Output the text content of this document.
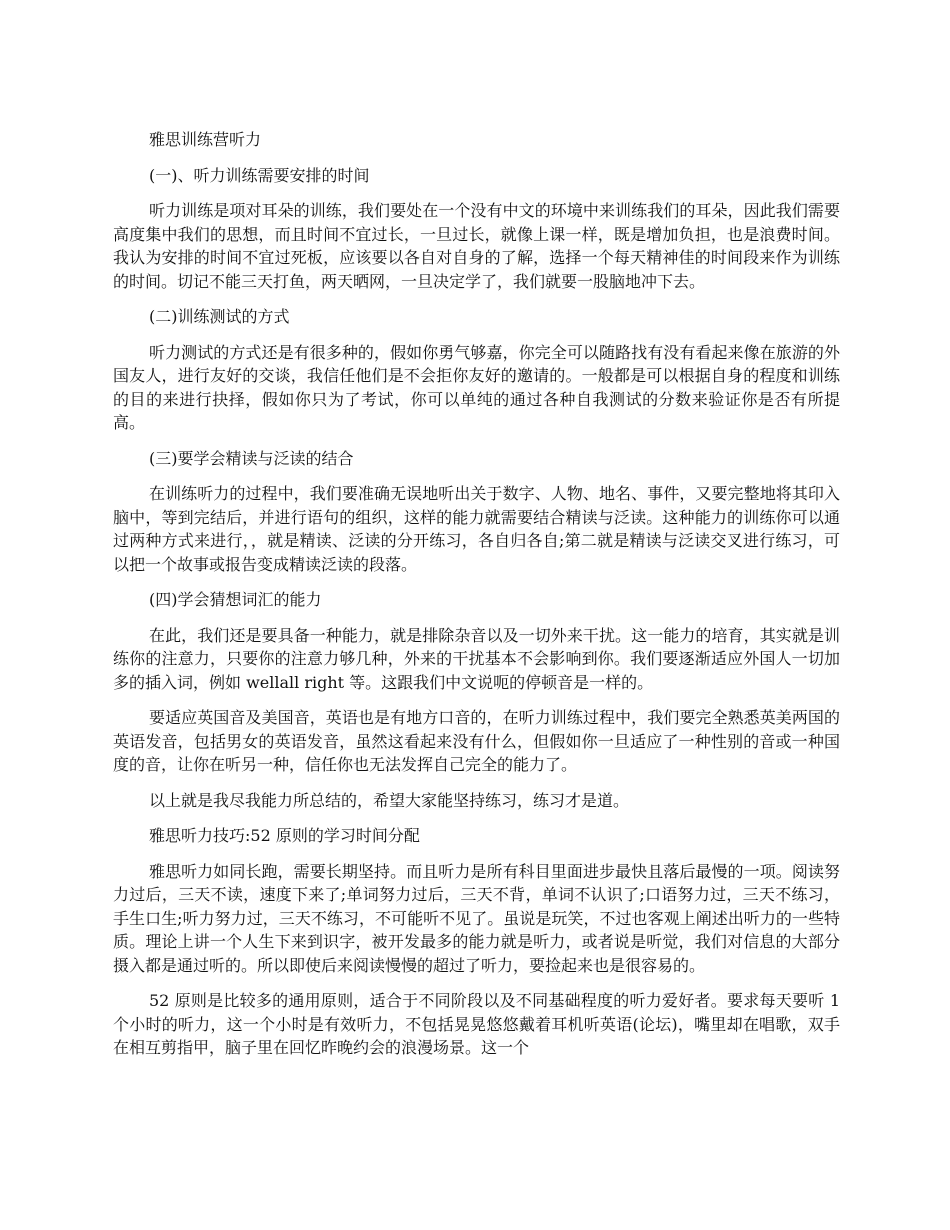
雅思训练营听力

(一)、听力训练需要安排的时间

听力训练是项对耳朵的训练，我们要处在一个没有中文的环境中来训练我们的耳朵，因此我们需要高度集中我们的思想，而且时间不宜过长，一旦过长，就像上课一样，既是增加负担，也是浪费时间。我认为安排的时间不宜过死板，应该要以各自对自身的了解，选择一个每天精神佳的时间段来作为训练的时间。切记不能三天打鱼，两天晒网，一旦决定学了，我们就要一股脑地冲下去。

(二)训练测试的方式

听力测试的方式还是有很多种的，假如你勇气够嘉，你完全可以随路找有没有看起来像在旅游的外国友人，进行友好的交谈，我信任他们是不会拒你友好的邀请的。一般都是可以根据自身的程度和训练的目的来进行抉择，假如你只为了考试，你可以单纯的通过各种自我测试的分数来验证你是否有所提高。

(三)要学会精读与泛读的结合

在训练听力的过程中，我们要准确无误地听出关于数字、人物、地名、事件，又要完整地将其印入脑中，等到完结后，并进行语句的组织，这样的能力就需要结合精读与泛读。这种能力的训练你可以通过两种方式来进行，，就是精读、泛读的分开练习，各自归各自;第二就是精读与泛读交叉进行练习，可以把一个故事或报告变成精读泛读的段落。

(四)学会猜想词汇的能力

在此，我们还是要具备一种能力，就是排除杂音以及一切外来干扰。这一能力的培育，其实就是训练你的注意力，只要你的注意力够几种，外来的干扰基本不会影响到你。我们要逐渐适应外国人一切加多的插入词，例如 wellall right 等。这跟我们中文说呃的停顿音是一样的。

要适应英国音及美国音，英语也是有地方口音的，在听力训练过程中，我们要完全熟悉英美两国的英语发音，包括男女的英语发音，虽然这看起来没有什么，但假如你一旦适应了一种性别的音或一种国度的音，让你在听另一种，信任你也无法发挥自己完全的能力了。

以上就是我尽我能力所总结的，希望大家能坚持练习，练习才是道。

雅思听力技巧:52 原则的学习时间分配

雅思听力如同长跑，需要长期坚持。而且听力是所有科目里面进步最快且落后最慢的一项。阅读努力过后，三天不读，速度下来了;单词努力过后，三天不背，单词不认识了;口语努力过，三天不练习，手生口生;听力努力过，三天不练习，不可能听不见了。虽说是玩笑，不过也客观上阐述出听力的一些特质。理论上讲一个人生下来到识字，被开发最多的能力就是听力，或者说是听觉，我们对信息的大部分摄入都是通过听的。所以即使后来阅读慢慢的超过了听力，要捡起来也是很容易的。

52 原则是比较多的通用原则，适合于不同阶段以及不同基础程度的听力爱好者。要求每天要听 1 个小时的听力，这一个小时是有效听力，不包括晃晃悠悠戴着耳机听英语(论坛)，嘴里却在唱歌，双手在相互剪指甲，脑子里在回忆昨晚约会的浪漫场景。这一个
